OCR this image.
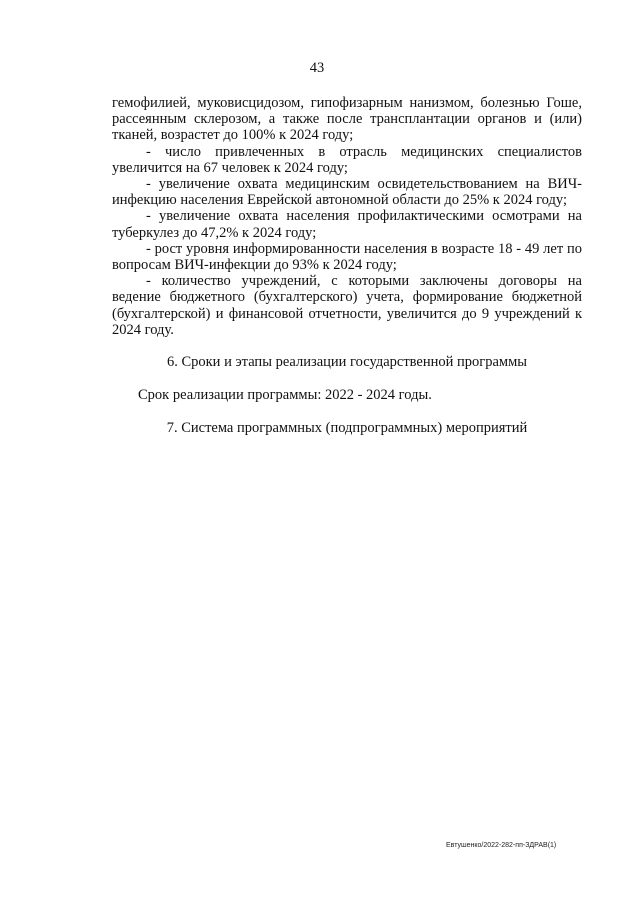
43

гемофилией, муковисцидозом, гипофизарным нанизмом, болезнью Гоше, рассеянным склерозом, а также после трансплантации органов и (или) тканей, возрастет до 100% к 2024 году;

- число привлеченных в отрасль медицинских специалистов увеличится на 67 человек к 2024 году;

- увеличение охвата медицинским освидетельствованием на ВИЧ-инфекцию населения Еврейской автономной области до 25% к 2024 году;

- увеличение охвата населения профилактическими осмотрами на туберкулез до 47,2% к 2024 году;

- рост уровня информированности населения в возрасте 18 - 49 лет по вопросам ВИЧ-инфекции до 93% к 2024 году;

- количество учреждений, с которыми заключены договоры на ведение бюджетного (бухгалтерского) учета, формирование бюджетной (бухгалтерской) и финансовой отчетности, увеличится до 9 учреждений к 2024 году.

6. Сроки и этапы реализации государственной программы

Срок реализации программы: 2022 - 2024 годы.

7. Система программных (подпрограммных) мероприятий
Евтушенко/2022-282-пп-ЗДРАВ(1)
